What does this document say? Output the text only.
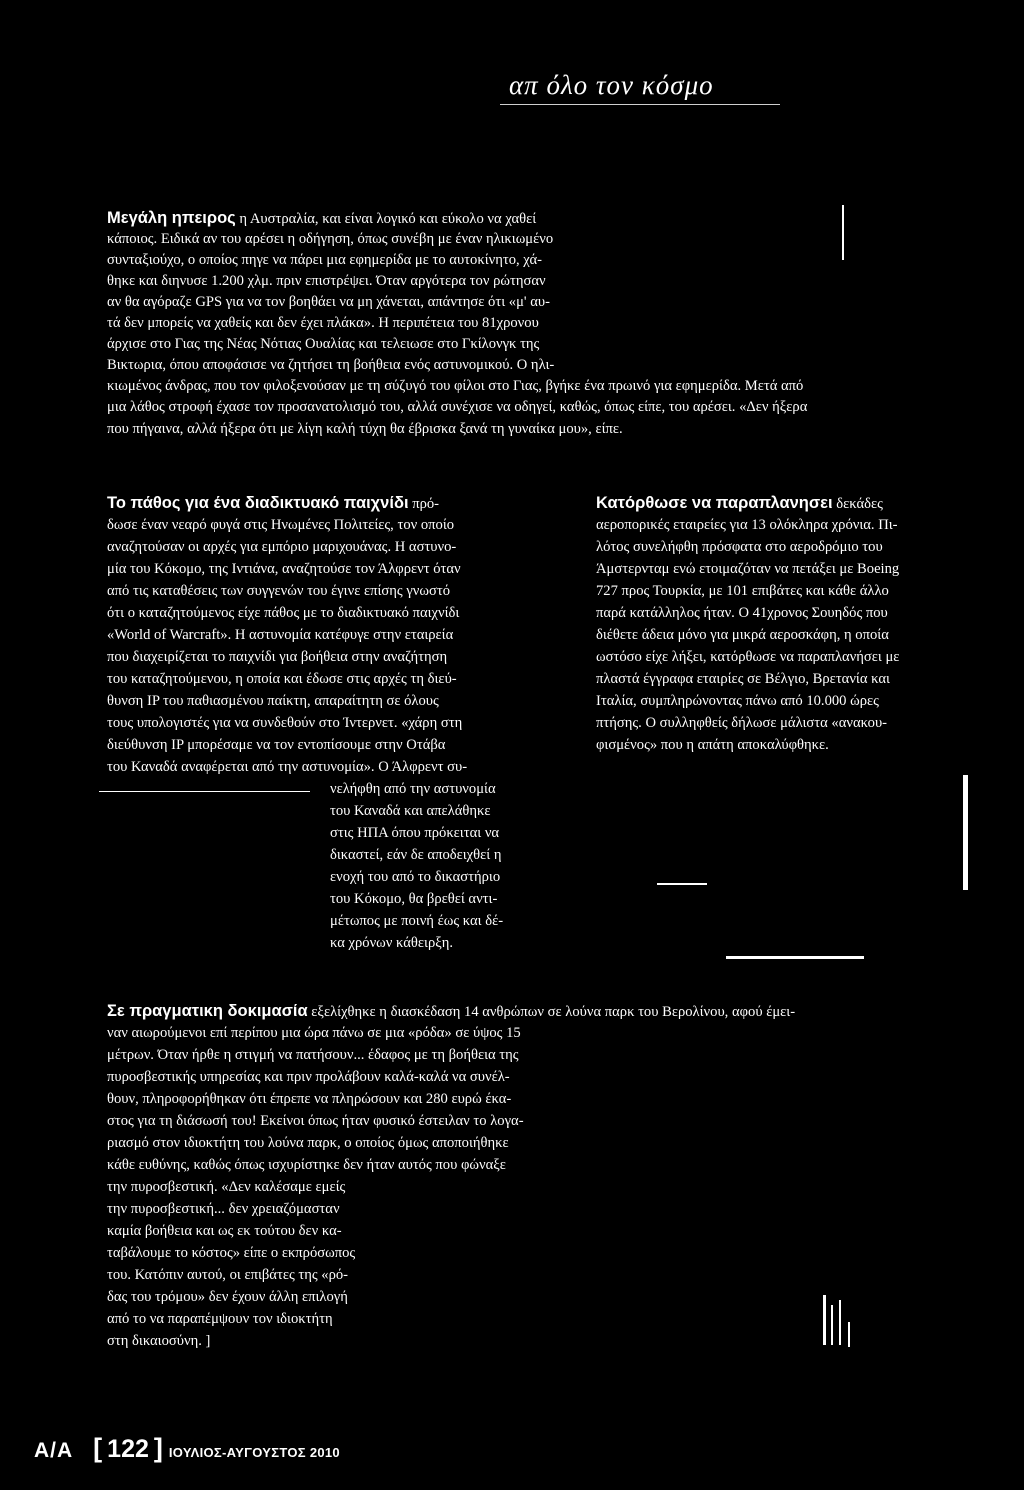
απ όλο τον κόσμο
Μεγάλη ηπειρος η Αυστραλία, και είναι λογικό και εύκολο να χαθεί
κάποιος. Ειδικά αν του αρέσει η οδήγηση, όπως συνέβη με έναν ηλικιωμένο
συνταξιούχο, ο οποίος πηγε να πάρει μια εφημερίδα με το αυτοκίνητο, χά-
θηκε και διηνυσε 1.200 χλμ. πριν επιστρέψει. Όταν αργότερα τον ρώτησαν
αν θα αγόραζε GPS για να τον βοηθάει να μη χάνεται, απάντησε ότι «μ' αυ-
τά δεν μπορείς να χαθείς και δεν έχει πλάκα». Η περιπέτεια του 81χρονου
άρχισε στο Γιας της Νέας Νότιας Ουαλίας και τελειωσε στο Γκίλονγκ της
Βικτωρια, όπου αποφάσισε να ζητήσει τη βοήθεια ενός αστυνομικού. Ο ηλι-
κιωμένος άνδρας, που τον φιλοξενούσαν με τη σύζυγό του φίλοι στο Γιας, βγήκε ένα πρωινό για εφημερίδα. Μετά από
μια λάθος στροφή έχασε τον προσανατολισμό του, αλλά συνέχισε να οδηγεί, καθώς, όπως είπε, του αρέσει. «Δεν ήξερα
που πήγαινα, αλλά ήξερα ότι με λίγη καλή τύχη θα έβρισκα ξανά τη γυναίκα μου», είπε.
Το πάθος για ένα διαδικτυακό παιχνίδι πρό-
δωσε έναν νεαρό φυγά στις Ηνωμένες Πολιτείες, τον οποίο
αναζητούσαν οι αρχές για εμπόριο μαριχουάνας. Η αστυνο-
μία του Κόκομο, της Ιντιάνα, αναζητούσε τον Άλφρεντ όταν
από τις καταθέσεις των συγγενών του έγινε επίσης γνωστό
ότι ο καταζητούμενος είχε πάθος με το διαδικτυακό παιχνίδι
«World of Warcraft». Η αστυνομία κατέφυγε στην εταιρεία
που διαχειρίζεται το παιχνίδι για βοήθεια στην αναζήτηση
του καταζητούμενου, η οποία και έδωσε στις αρχές τη διεύ-
θυνση IP του παθιασμένου παίκτη, απαραίτητη σε όλους
τους υπολογιστές για να συνδεθούν στο Ίντερνετ. «χάρη στη
διεύθυνση IP μπορέσαμε να τον εντοπίσουμε στην Οτάβα
του Καναδά αναφέρεται από την αστυνομία». Ο Άλφρεντ συ-
νελήφθη από την αστυνομία
του Καναδά και απελάθηκε
στις ΗΠΑ όπου πρόκειται να
δικαστεί, εάν δε αποδειχθεί η
ενοχή του από το δικαστήριο
του Κόκομο, θα βρεθεί αντι-
μέτωπος με ποινή έως και δέ-
κα χρόνων κάθειρξη.
Κατόρθωσε να παραπλανησει δεκάδες
αεροπορικές εταιρείες για 13 ολόκληρα χρόνια. Πι-
λότος συνελήφθη πρόσφατα στο αεροδρόμιο του
Άμστερνταμ ενώ ετοιμαζόταν να πετάξει με Boeing
727 προς Τουρκία, με 101 επιβάτες και κάθε άλλο
παρά κατάλληλος ήταν. Ο 41χρονος Σουηδός που
διέθετε άδεια μόνο για μικρά αεροσκάφη, η οποία
ωστόσο είχε λήξει, κατόρθωσε να παραπλανήσει με
πλαστά έγγραφα εταιρίες σε Βέλγιο, Βρετανία και
Ιταλία, συμπληρώνοντας πάνω από 10.000 ώρες
πτήσης. Ο συλληφθείς δήλωσε μάλιστα «ανακου-
φισμένος» που η απάτη αποκαλύφθηκε.
Σε πραγματικη δοκιμασία εξελίχθηκε η διασκέδαση 14 ανθρώπων σε λούνα παρκ του Βερολίνου, αφού έμει-
ναν αιωρούμενοι επί περίπου μια ώρα πάνω σε μια «ρόδα» σε ύψος 15
μέτρων. Όταν ήρθε η στιγμή να πατήσουν... έδαφος με τη βοήθεια της
πυροσβεστικής υπηρεσίας και πριν προλάβουν καλά-καλά να συνέλ-
θουν, πληροφορήθηκαν ότι έπρεπε να πληρώσουν και 280 ευρώ έκα-
στος για τη διάσωσή του! Εκείνοι όπως ήταν φυσικό έστειλαν το λογα-
ριασμό στον ιδιοκτήτη του λούνα παρκ, ο οποίος όμως αποποιήθηκε
κάθε ευθύνης, καθώς όπως ισχυρίστηκε δεν ήταν αυτός που φώναξε
την πυροσβεστική. «Δεν καλέσαμε εμείς
την πυροσβεστική... δεν χρειαζόμασταν
καμία βοήθεια και ως εκ τούτου δεν κα-
ταβάλουμε το κόστος» είπε ο εκπρόσωπος
του. Κατόπιν αυτού, οι επιβάτες της «ρό-
δας του τρόμου» δεν έχουν άλλη επιλογή
από το να παραπέμψουν τον ιδιοκτήτη
στη δικαιοσύνη. ]
A/A [ 122 ] ΙΟΥΛΙΟΣ-ΑΥΓΟΥΣΤΟΣ 2010
